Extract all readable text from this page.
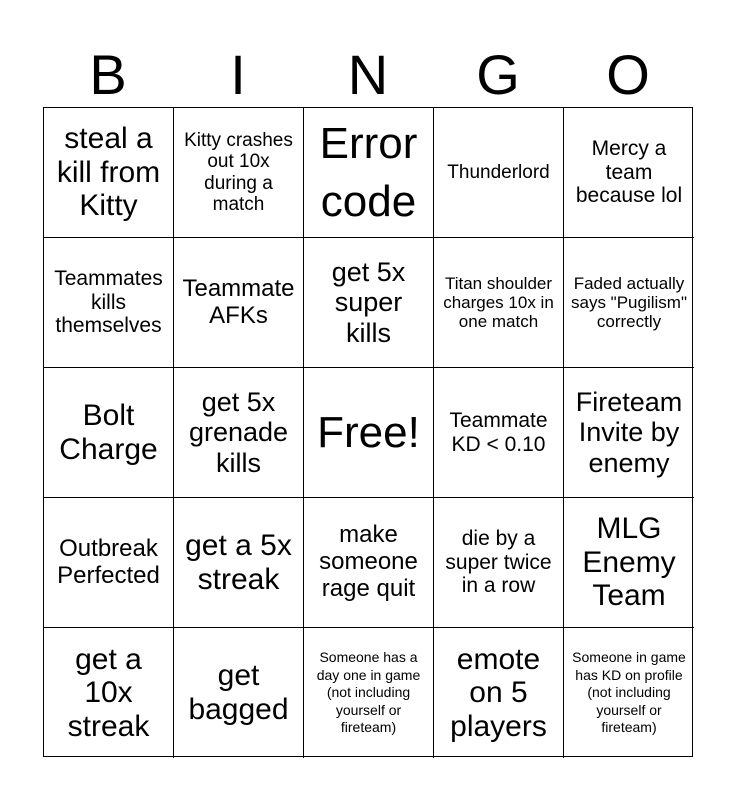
B	I	N	G	O
steal a kill from Kitty
Kitty crashes out 10x during a match
Error code
Thunderlord
Mercy a team because lol
Teammates kills themselves
Teammate AFKs
get 5x super kills
Titan shoulder charges 10x in one match
Faded actually says "Pugilism" correctly
Bolt Charge
get 5x grenade kills
Free!	Teammate KD < 0.10
Fireteam Invite by enemy
Outbreak Perfected
get a 5x streak
make someone rage quit
die by a super twice in a row
MLG Enemy Team
get a 10x streak
get bagged
Someone has a day one in game (not including yourself or fireteam)
emote on 5 players
Someone in game has KD on profile (not including yourself or fireteam)
